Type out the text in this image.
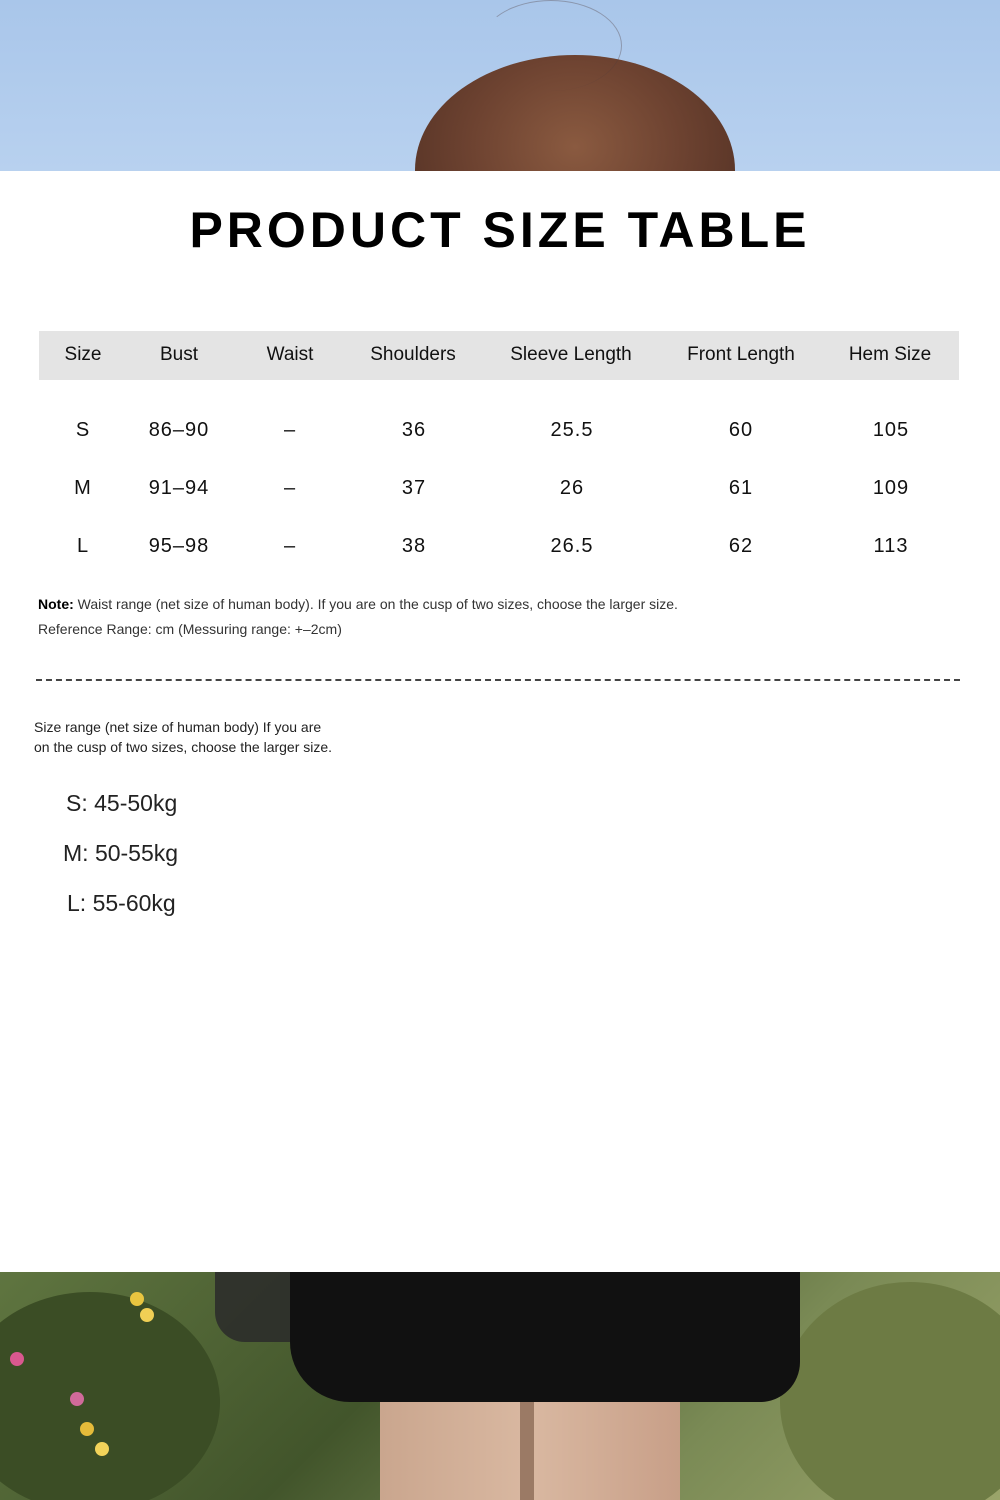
PRODUCT SIZE TABLE
Size	Bust	Waist	Shoulders	Sleeve Length	Front Length	Hem Size
S	86–90	–	36	25.5	60	105
M	91–94	–	37	26	61	109
L	95–98	–	38	26.5	62	113
Note: Waist range (net size of human body). If you are on the cusp of two sizes, choose the larger size.
Reference Range: cm (Messuring range: +–2cm)
Size range (net size of human body) If you are
on the cusp of two sizes, choose the larger size.
S: 45-50kg
M: 50-55kg
L: 55-60kg
